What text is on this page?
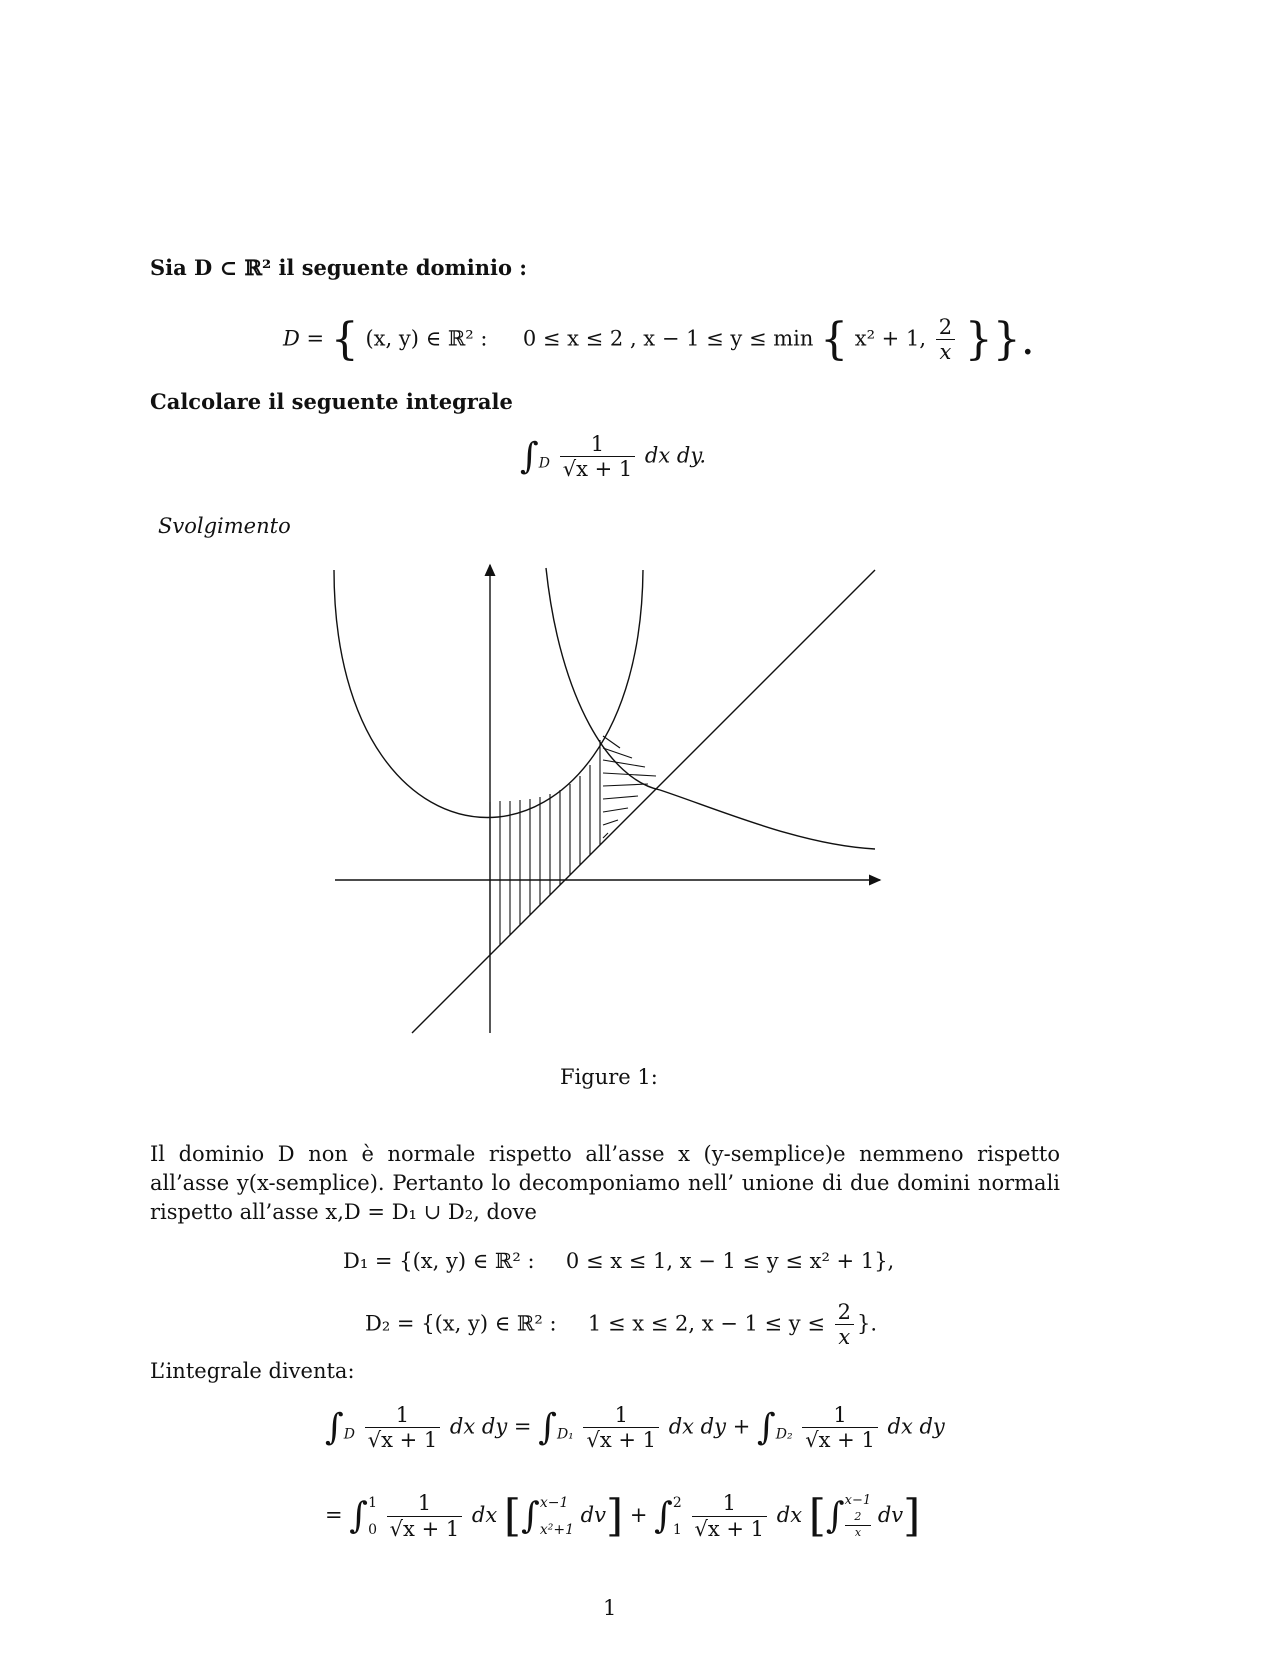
Sia D ⊂ ℝ² il seguente dominio :
D = { (x, y) ∈ ℝ² : 0 ≤ x ≤ 2 , x − 1 ≤ y ≤ min { x² + 1, $\frac{2}{x}$ }}.
Calcolare il seguente integrale
$\int_D \frac{1}{√x + 1}$ dx dy.
Svolgimento
Figure 1:
Il dominio D non è normale rispetto all’asse x (y-semplice)e nemmeno rispetto all’asse y(x-semplice). Pertanto lo decomponiamo nell’ unione di due domini normali rispetto all’asse x,D = D₁ ∪ D₂, dove
D₁ = {(x, y) ∈ ℝ² : 0 ≤ x ≤ 1, x − 1 ≤ y ≤ x² + 1},
D₂ = {(x, y) ∈ ℝ² : 1 ≤ x ≤ 2, $x - 1 \le y \le \frac{2}{x}$ }.
L’integrale diventa:
$\int_D \frac{1}{√x + 1}$ dx dy = $\int_{D_1} \frac{1}{√x + 1}$ dx dy + $\int_{D_2} \frac{1}{√x + 1}$ dx dy
= ∫ 1
0
$\frac{1}{√x + 1}$ dx [∫ x−1
x²+1
dv] + ∫ 2
1
$\frac{1}{√x + 1}$ dx [∫ x−1
$\frac{2}{x} dv$]
1
